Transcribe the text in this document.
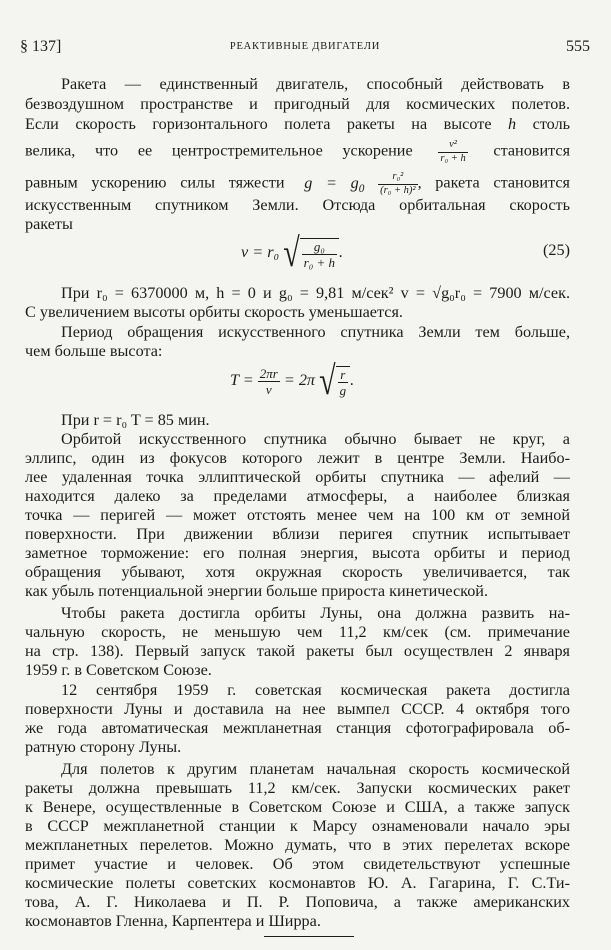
§ 137]	РЕАКТИВНЫЕ ДВИГАТЕЛИ	555

Ракета — единственный двигатель, способный действовать в

безвоздушном пространстве и пригодный для космических полетов.

Если скорость горизонтального полета ракеты на высоте h столь

велика, что ее центростремительное ускорение $\frac{\text{v²}}{\text{r₀ + h}}$ становится

равным ускорению силы тяжести $g = g_0 \frac{\text{r₀²}}{\text{(r₀ + h)²}}$ , ракета становится

искусственным спутником Земли. Отсюда орбитальная скорость

ракеты

v = r₀ √ $\frac{\text{g₀}}{\text{r₀ + h}}$ .	(25)

При r₀ = 6370000 м, h = 0 и g₀ = 9,81 м/сек² v = √g₀r₀ = 7900 м/сек.

С увеличением высоты орбиты скорость уменьшается.

Период обращения искусственного спутника Земли тем больше,

чем больше высота:

$T = \frac{2\pi r}{v} = 2\pi$ √ $\frac{r}{g}$ .

При r = r₀ T = 85 мин.

Орбитой искусственного спутника обычно бывает не круг, а

эллипс, один из фокусов которого лежит в центре Земли. Наибо-

лее удаленная точка эллиптической орбиты спутника — афелий —

находится далеко за пределами атмосферы, а наиболее близкая

точка — перигей — может отстоять менее чем на 100 км от земной

поверхности. При движении вблизи перигея спутник испытывает

заметное торможение: его полная энергия, высота орбиты и период

обращения убывают, хотя окружная скорость увеличивается, так

как убыль потенциальной энергии больше прироста кинетической.

Чтобы ракета достигла орбиты Луны, она должна развить на-

чальную скорость, не меньшую чем 11,2 км/сек (см. примечание

на стр. 138). Первый запуск такой ракеты был осуществлен 2 января

1959 г. в Советском Союзе.

12 сентября 1959 г. советская космическая ракета достигла

поверхности Луны и доставила на нее вымпел СССР. 4 октября того

же года автоматическая межпланетная станция сфотографировала об-

ратную сторону Луны.

Для полетов к другим планетам начальная скорость космической

ракеты должна превышать 11,2 км/сек. Запуски космических ракет

к Венере, осуществленные в Советском Союзе и США, а также запуск

в СССР межпланетной станции к Марсу ознаменовали начало эры

межпланетных перелетов. Можно думать, что в этих перелетах вскоре

примет участие и человек. Об этом свидетельствуют успешные

космические полеты советских космонавтов Ю. А. Гагарина, Г. С.Ти-

това, А. Г. Николаева и П. Р. Поповича, а также американских

космонавтов Гленна, Карпентера и Ширра.
